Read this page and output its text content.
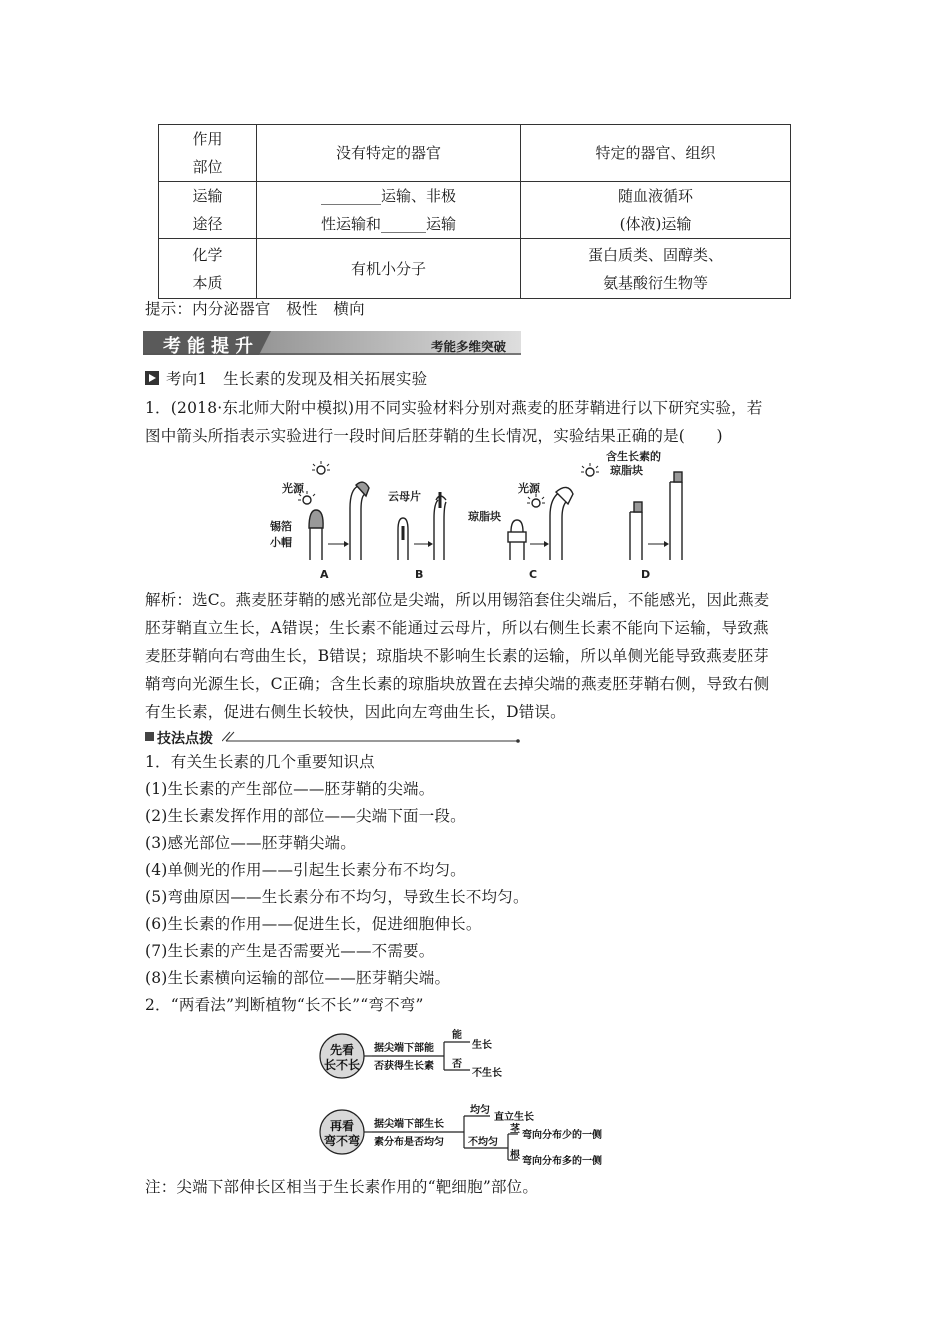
作用
部位	没有特定的器官	特定的器官、组织
运输
途径	________运输、非极
性运输和______运输	随血液循环
(体液)运输
化学
本质	有机小分子	蛋白质类、固醇类、
氨基酸衍生物等
提示：内分泌器官　极性　横向
考能提升	考能多维突破
考向1　生长素的发现及相关拓展实验
1．(2018·东北师大附中模拟)用不同实验材料分别对燕麦的胚芽鞘进行以下研究实验，若
图中箭头所指表示实验进行一段时间后胚芽鞘的生长情况，实验结果正确的是(　　)
光源
锡箔
小帽
云母片
光源
琼脂块
含生长素的
琼脂块
A	B	C	D
解析：选C。燕麦胚芽鞘的感光部位是尖端，所以用锡箔套住尖端后，不能感光，因此燕麦
胚芽鞘直立生长，A错误；生长素不能通过云母片，所以右侧生长素不能向下运输，导致燕
麦胚芽鞘向右弯曲生长，B错误；琼脂块不影响生长素的运输，所以单侧光能导致燕麦胚芽
鞘弯向光源生长，C正确；含生长素的琼脂块放置在去掉尖端的燕麦胚芽鞘右侧，导致右侧
有生长素，促进右侧生长较快，因此向左弯曲生长，D错误。
技法点拨
1．有关生长素的几个重要知识点
(1)生长素的产生部位——胚芽鞘的尖端。
(2)生长素发挥作用的部位——尖端下面一段。
(3)感光部位——胚芽鞘尖端。
(4)单侧光的作用——引起生长素分布不均匀。
(5)弯曲原因——生长素分布不均匀，导致生长不均匀。
(6)生长素的作用——促进生长，促进细胞伸长。
(7)生长素的产生是否需要光——不需要。
(8)生长素横向运输的部位——胚芽鞘尖端。
2．“两看法”判断植物“长不长”“弯不弯”
先看
长不长
再看
弯不弯
据尖端下部能
否获得生长素
能
否
生长
不生长
据尖端下部生长
素分布是否均匀
均匀
直立生长
不均匀
茎
根
弯向分布少的一侧
弯向分布多的一侧
注：尖端下部伸长区相当于生长素作用的“靶细胞”部位。
